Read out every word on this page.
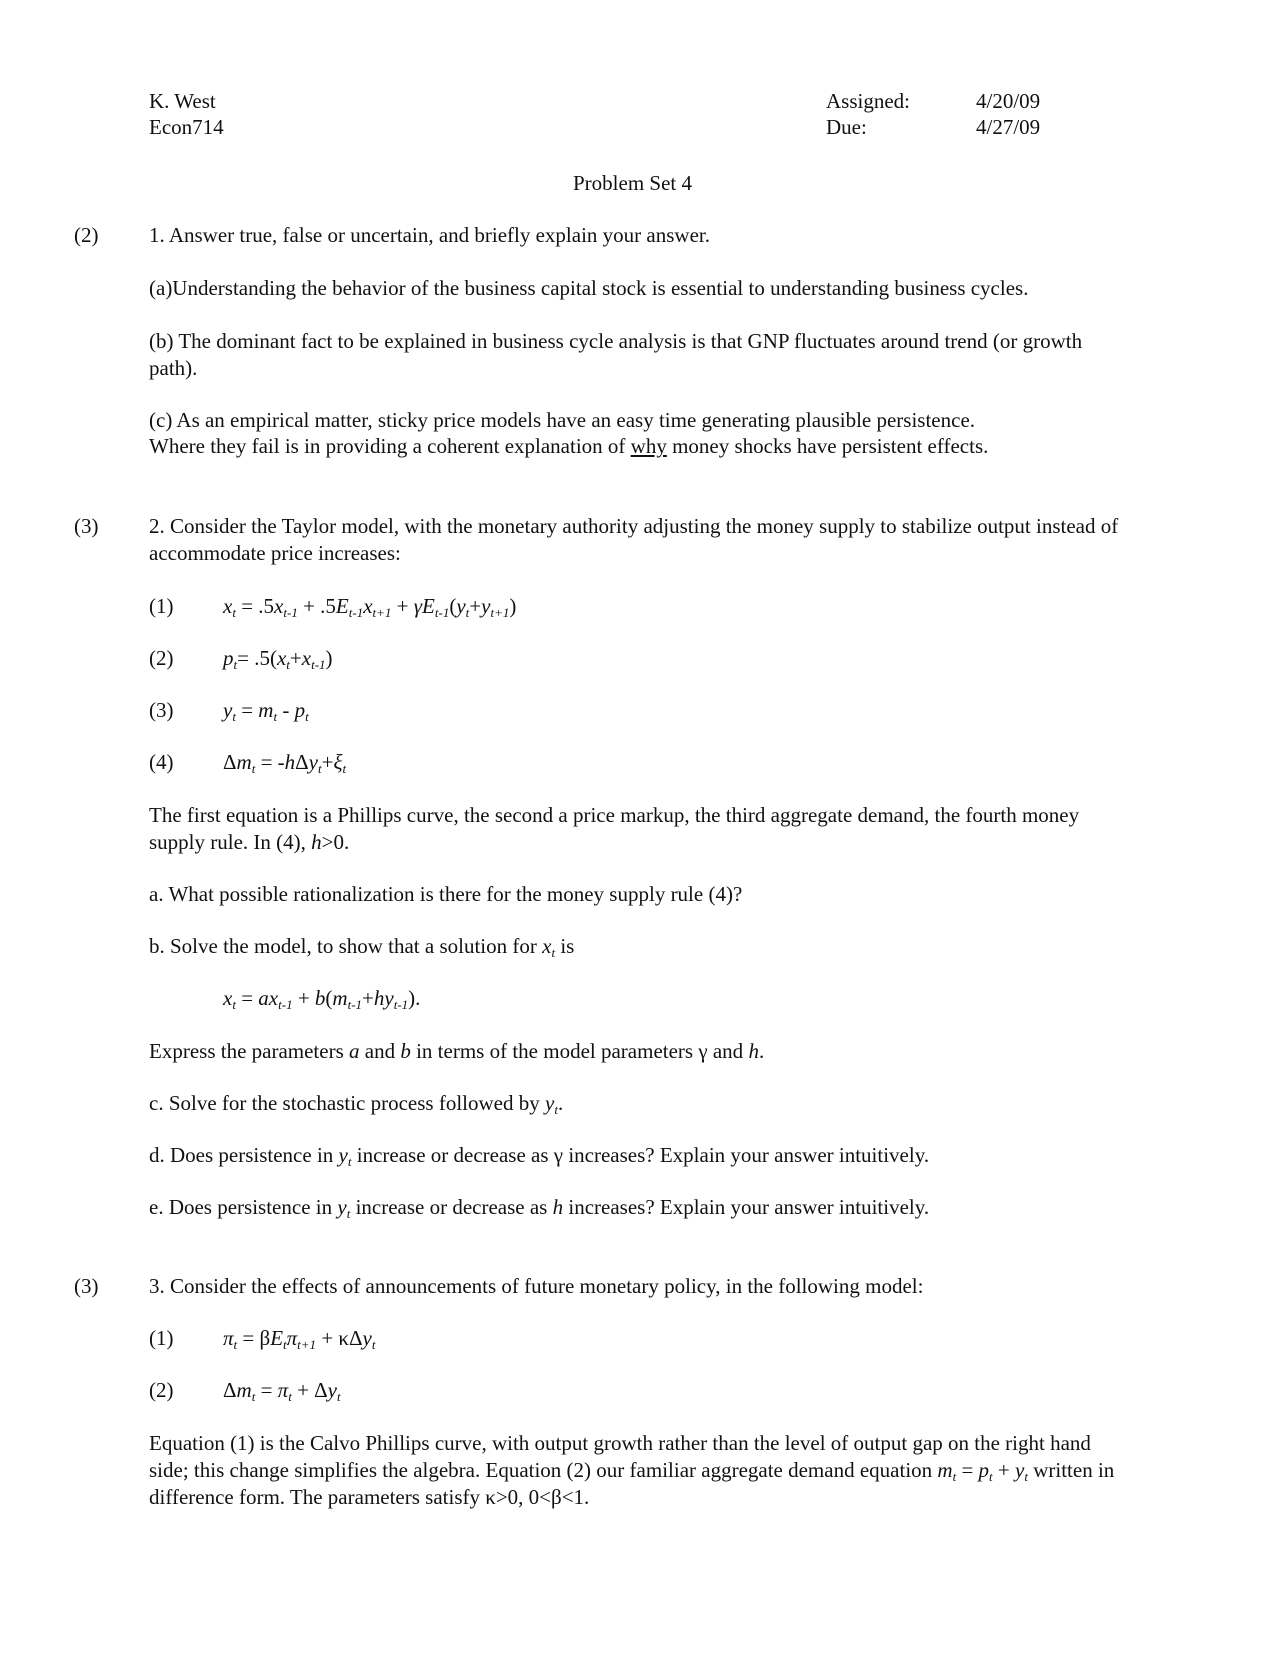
K. West
Econ714
Assigned:	4/20/09
Due:	4/27/09
Problem Set 4
(2) 1. Answer true, false or uncertain, and briefly explain your answer.
(a)Understanding the behavior of the business capital stock is essential to understanding business cycles.
(b) The dominant fact to be explained in business cycle analysis is that GNP fluctuates around trend (or growth path).
(c) As an empirical matter, sticky price models have an easy time generating plausible persistence.
Where they fail is in providing a coherent explanation of why money shocks have persistent effects.
(3) 2. Consider the Taylor model, with the monetary authority adjusting the money supply to stabilize output instead of accommodate price increases:
(1) $x_t = .5x_{t-1} + .5E_{t-1}x_{t+1} + \gamma E_{t-1}(y_t+y_{t+1})$
(2) $p_t= .5(x_t+x_{t-1})$
(3) $y_t = m_t - p_t$
(4) $\Delta m_t = -h\Delta y_t+\xi_t$
The first equation is a Phillips curve, the second a price markup, the third aggregate demand, the fourth money supply rule. In (4), h>0.
a. What possible rationalization is there for the money supply rule (4)?
b. Solve the model, to show that a solution for $x_t$ is
$x_t = ax_{t-1} + b(m_{t-1}+hy_{t-1})$.
Express the parameters a and b in terms of the model parameters γ and h.
c. Solve for the stochastic process followed by $y_t$.
d. Does persistence in $y_t$ increase or decrease as γ increases? Explain your answer intuitively.
e. Does persistence in $y_t$ increase or decrease as h increases? Explain your answer intuitively.
(3) 3. Consider the effects of announcements of future monetary policy, in the following model:
(1) $\pi_t = \beta E_t\pi_{t+1} + \kappa\Delta y_t$
(2) $\Delta m_t = \pi_t + \Delta y_t$
Equation (1) is the Calvo Phillips curve, with output growth rather than the level of output gap on the right hand side; this change simplifies the algebra. Equation (2) our familiar aggregate demand equation $m_t = p_t + y_t$ written in difference form. The parameters satisfy κ>0, 0<β<1.
